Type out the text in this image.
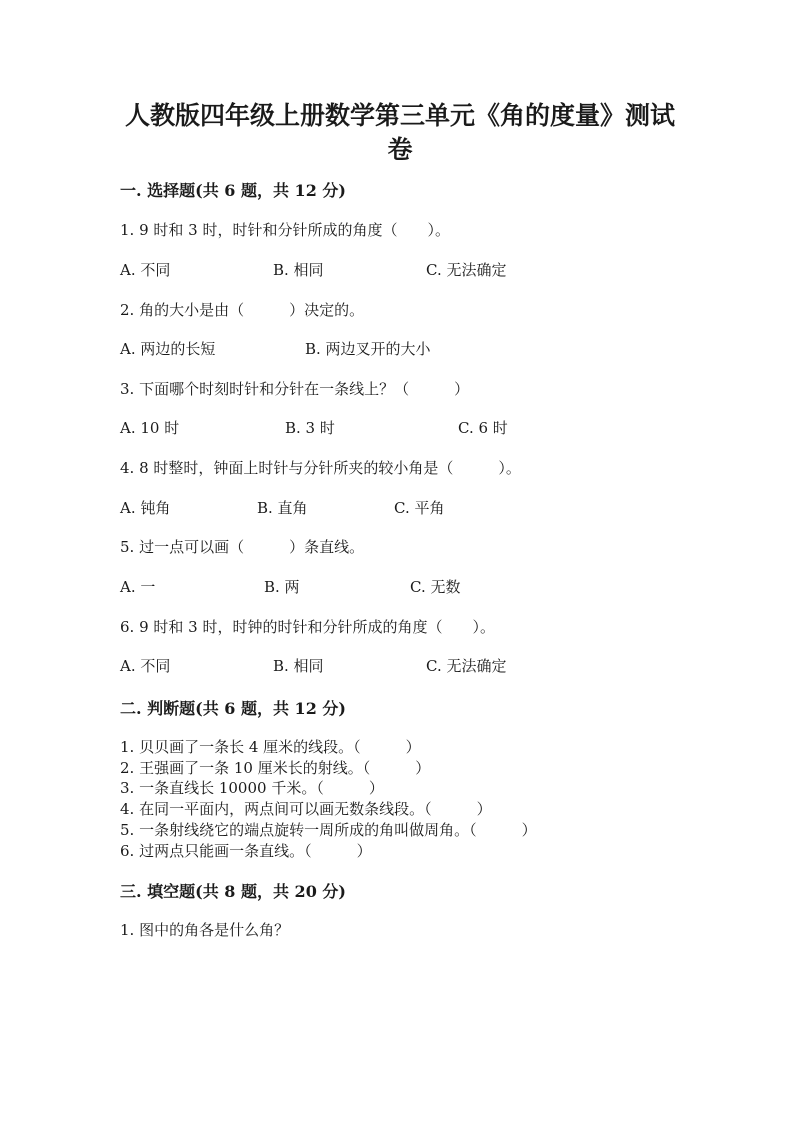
人教版四年级上册数学第三单元《角的度量》测试
卷
一. 选择题(共 6 题，共 12 分)
1. 9 时和 3 时，时针和分针所成的角度（　　）。
A. 不同	B. 相同	C. 无法确定
2. 角的大小是由（　　　）决定的。
A. 两边的长短	B. 两边叉开的大小
3. 下面哪个时刻时针和分针在一条线上？（　　　）
A. 10 时	B. 3 时	C. 6 时
4. 8 时整时，钟面上时针与分针所夹的较小角是（　　　）。
A. 钝角	B. 直角	C. 平角
5. 过一点可以画（　　　）条直线。
A. 一	B. 两	C. 无数
6. 9 时和 3 时，时钟的时针和分针所成的角度（　　）。
A. 不同	B. 相同	C. 无法确定
二. 判断题(共 6 题，共 12 分)
1. 贝贝画了一条长 4 厘米的线段。（　　　）
2. 王强画了一条 10 厘米长的射线。（　　　）
3. 一条直线长 10000 千米。（　　　）
4. 在同一平面内，两点间可以画无数条线段。（　　　）
5. 一条射线绕它的端点旋转一周所成的角叫做周角。（　　　）
6. 过两点只能画一条直线。（　　　）
三. 填空题(共 8 题，共 20 分)
1. 图中的角各是什么角？
